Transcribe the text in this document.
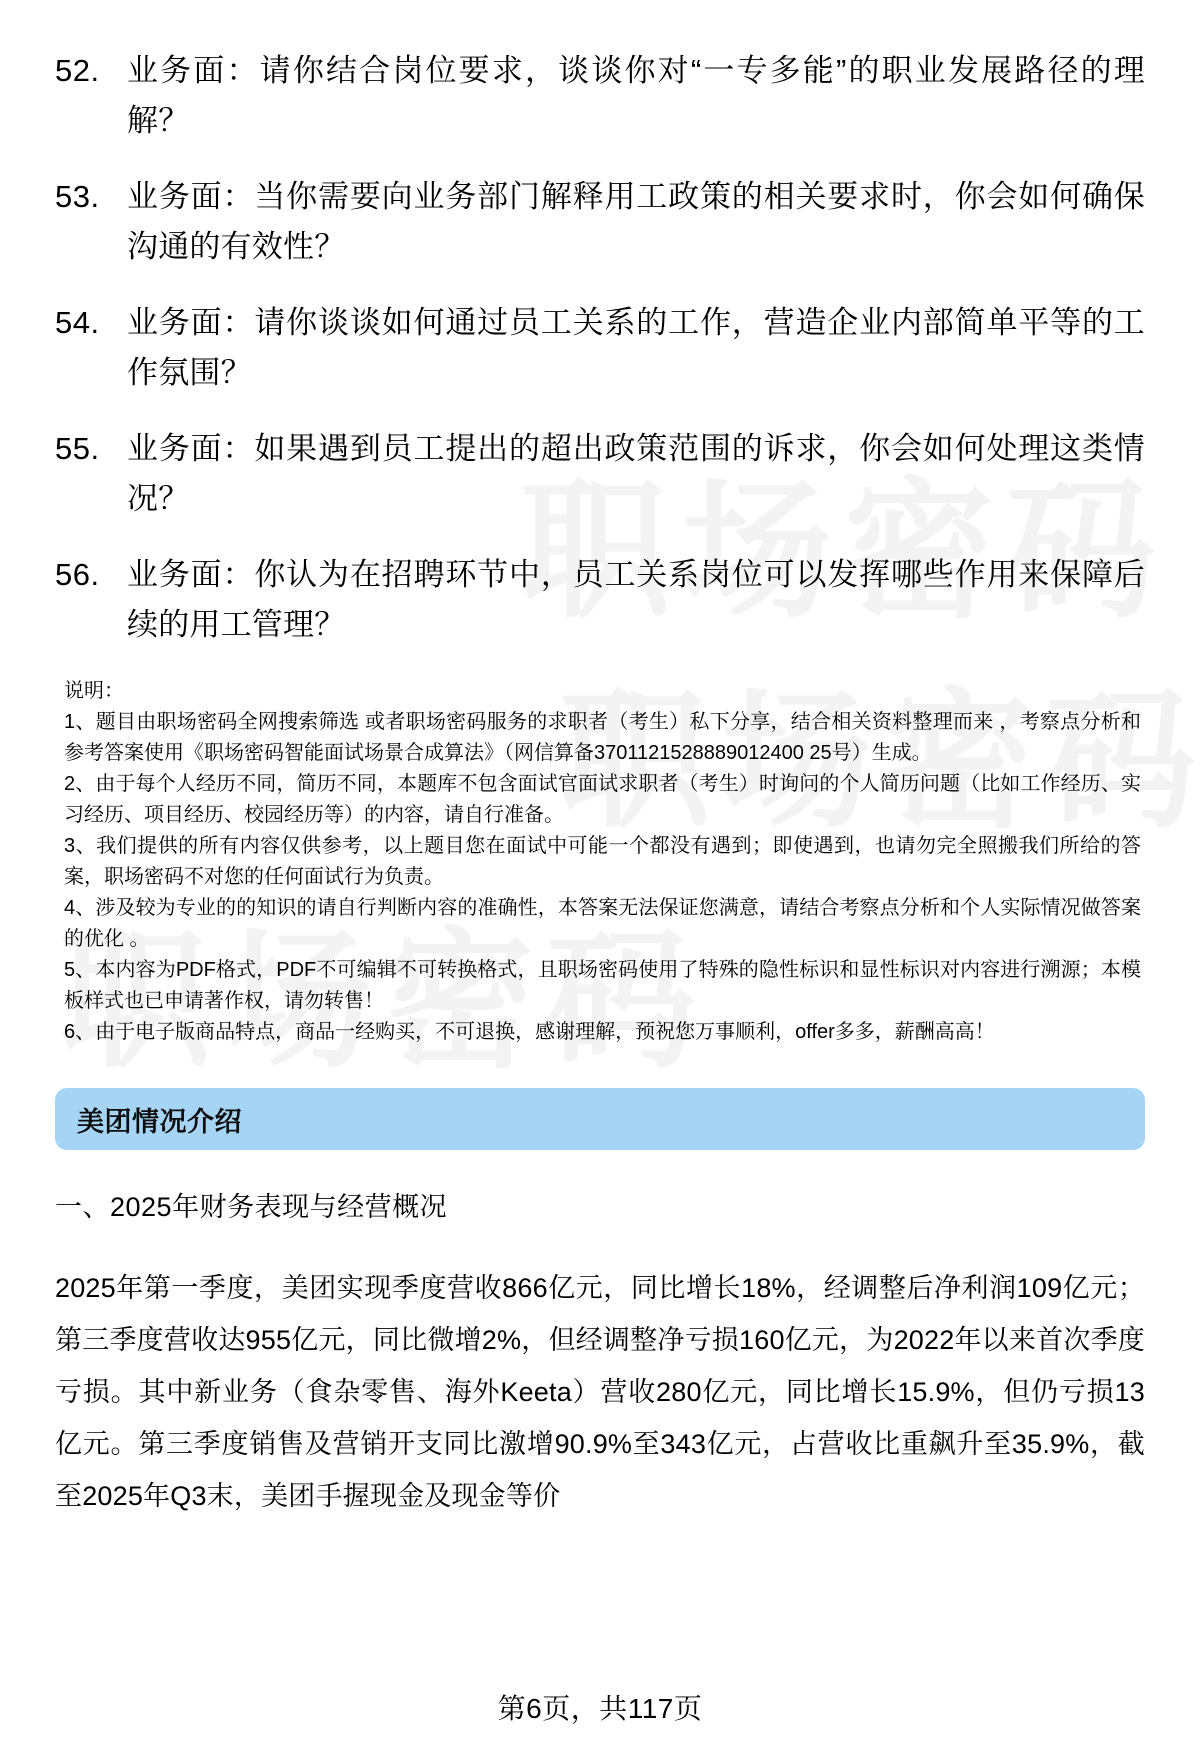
52. 业务面：请你结合岗位要求，谈谈你对“一专多能”的职业发展路径的理解？
53. 业务面：当你需要向业务部门解释用工政策的相关要求时，你会如何确保沟通的有效性？
54. 业务面：请你谈谈如何通过员工关系的工作，营造企业内部简单平等的工作氛围？
55. 业务面：如果遇到员工提出的超出政策范围的诉求，你会如何处理这类情况？
56. 业务面：你认为在招聘环节中，员工关系岗位可以发挥哪些作用来保障后续的用工管理？
说明：
1、题目由职场密码全网搜索筛选 或者职场密码服务的求职者（考生）私下分享，结合相关资料整理而来 ，考察点分析和参考答案使用《职场密码智能面试场景合成算法》（网信算备3701121528889012400 25号）生成。
2、由于每个人经历不同，简历不同，本题库不包含面试官面试求职者（考生）时询问的个人简历问题（比如工作经历、实习经历、项目经历、校园经历等）的内容，请自行准备。
3、我们提供的所有内容仅供参考，以上题目您在面试中可能一个都没有遇到；即使遇到，也请勿完全照搬我们所给的答案，职场密码不对您的任何面试行为负责。
4、涉及较为专业的的知识的请自行判断内容的准确性，本答案无法保证您满意，请结合考察点分析和个人实际情况做答案的优化 。
5、本内容为PDF格式，PDF不可编辑不可转换格式，且职场密码使用了特殊的隐性标识和显性标识对内容进行溯源；本模板样式也已申请著作权，请勿转售！
6、由于电子版商品特点，商品一经购买，不可退换，感谢理解，预祝您万事顺利，offer多多，薪酬高高！
美团情况介绍
一、2025年财务表现与经营概况
2025年第一季度，美团实现季度营收866亿元，同比增长18%，经调整后净利润109亿元；第三季度营收达955亿元，同比微增2%，但经调整净亏损160亿元，为2022年以来首次季度亏损。其中新业务（食杂零售、海外Keeta）营收280亿元，同比增长15.9%，但仍亏损13亿元。第三季度销售及营销开支同比激增90.9%至343亿元，占营收比重飙升至35.9%，截至2025年Q3末，美团手握现金及现金等价
第6页，共117页
